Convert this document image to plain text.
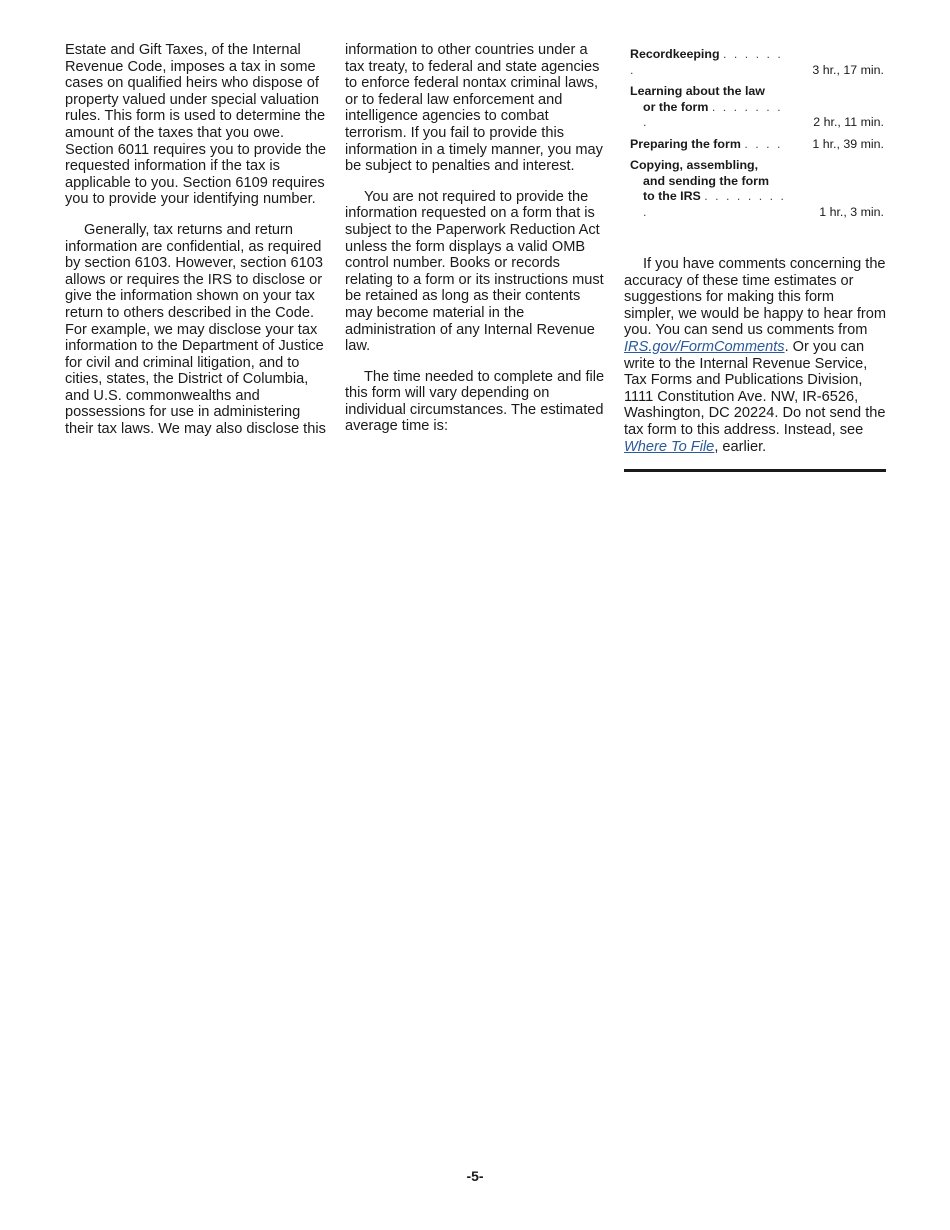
Estate and Gift Taxes, of the Internal Revenue Code, imposes a tax in some cases on qualified heirs who dispose of property valued under special valuation rules. This form is used to determine the amount of the taxes that you owe. Section 6011 requires you to provide the requested information if the tax is applicable to you. Section 6109 requires you to provide your identifying number.

Generally, tax returns and return information are confidential, as required by section 6103. However, section 6103 allows or requires the IRS to disclose or give the information shown on your tax return to others described in the Code. For example, we may disclose your tax information to the Department of Justice for civil and criminal litigation, and to cities, states, the District of Columbia, and U.S. commonwealths and possessions for use in administering their tax laws. We may also disclose this

information to other countries under a tax treaty, to federal and state agencies to enforce federal nontax criminal laws, or to federal law enforcement and intelligence agencies to combat terrorism. If you fail to provide this information in a timely manner, you may be subject to penalties and interest.

You are not required to provide the information requested on a form that is subject to the Paperwork Reduction Act unless the form displays a valid OMB control number. Books or records relating to a form or its instructions must be retained as long as their contents may become material in the administration of any Internal Revenue law.

The time needed to complete and file this form will vary depending on individual circumstances. The estimated average time is:

Recordkeeping . . . . . . .	3 hr., 17 min.
Learning about the law
or the form . . . . . . . .	2 hr., 11 min.
Preparing the form . . . .	1 hr., 39 min.
Copying, assembling,
and sending the form
to the IRS . . . . . . . . .	1 hr., 3 min.

If you have comments concerning the accuracy of these time estimates or suggestions for making this form simpler, we would be happy to hear from you. You can send us comments from IRS.gov/FormComments. Or you can write to the Internal Revenue Service, Tax Forms and Publications Division, 1111 Constitution Ave. NW, IR-6526, Washington, DC 20224. Do not send the tax form to this address. Instead, see Where To File, earlier.

-5-
